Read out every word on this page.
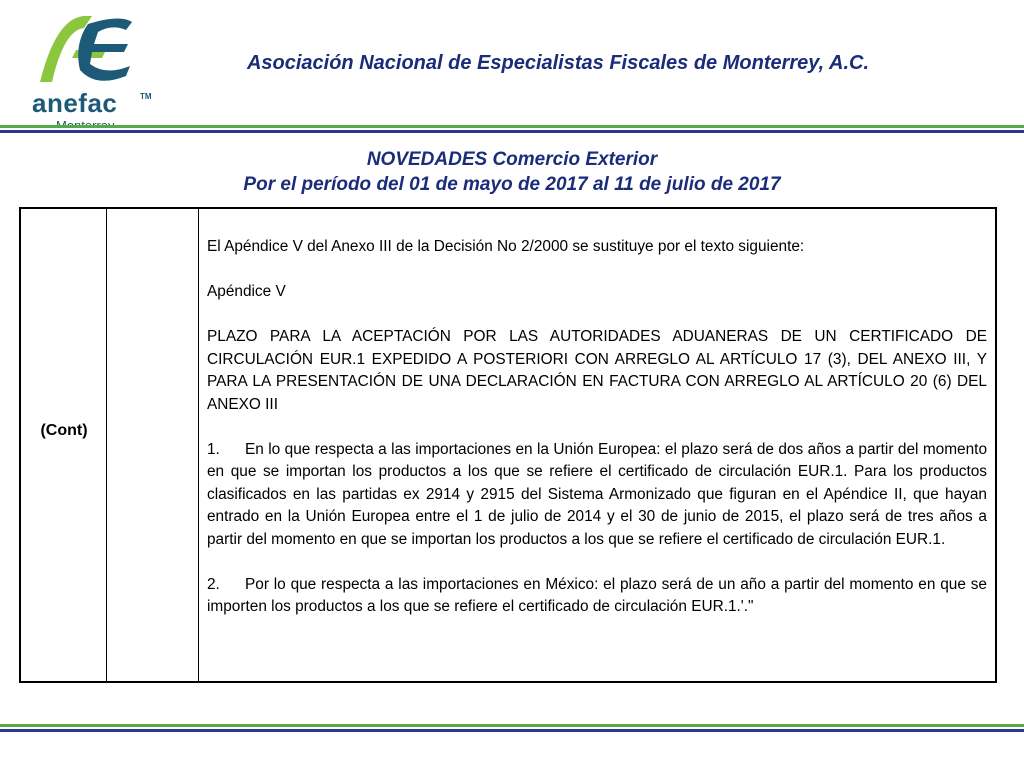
anefac	TM
Asociación Nacional de Especialistas Fiscales de Monterrey, A.C.
NOVEDADES Comercio Exterior
Por el período del 01 de mayo de 2017 al 11 de julio de 2017
(Cont)

El Apéndice V del Anexo III de la Decisión No 2/2000 se sustituye por el texto siguiente:

Apéndice V

PLAZO PARA LA ACEPTACIÓN POR LAS AUTORIDADES ADUANERAS DE UN CERTIFICADO DE CIRCULACIÓN EUR.1 EXPEDIDO A POSTERIORI CON ARREGLO AL ARTÍCULO 17 (3), DEL ANEXO III, Y PARA LA PRESENTACIÓN DE UNA DECLARACIÓN EN FACTURA CON ARREGLO AL ARTÍCULO 20 (6) DEL ANEXO III

1. En lo que respecta a las importaciones en la Unión Europea: el plazo será de dos años a partir del momento en que se importan los productos a los que se refiere el certificado de circulación EUR.1. Para los productos clasificados en las partidas ex 2914 y 2915 del Sistema Armonizado que figuran en el Apéndice II, que hayan entrado en la Unión Europea entre el 1 de julio de 2014 y el 30 de junio de 2015, el plazo será de tres años a partir del momento en que se importan los productos a los que se refiere el certificado de circulación EUR.1.

2. Por lo que respecta a las importaciones en México: el plazo será de un año a partir del momento en que se importen los productos a los que se refiere el certificado de circulación EUR.1.'."
